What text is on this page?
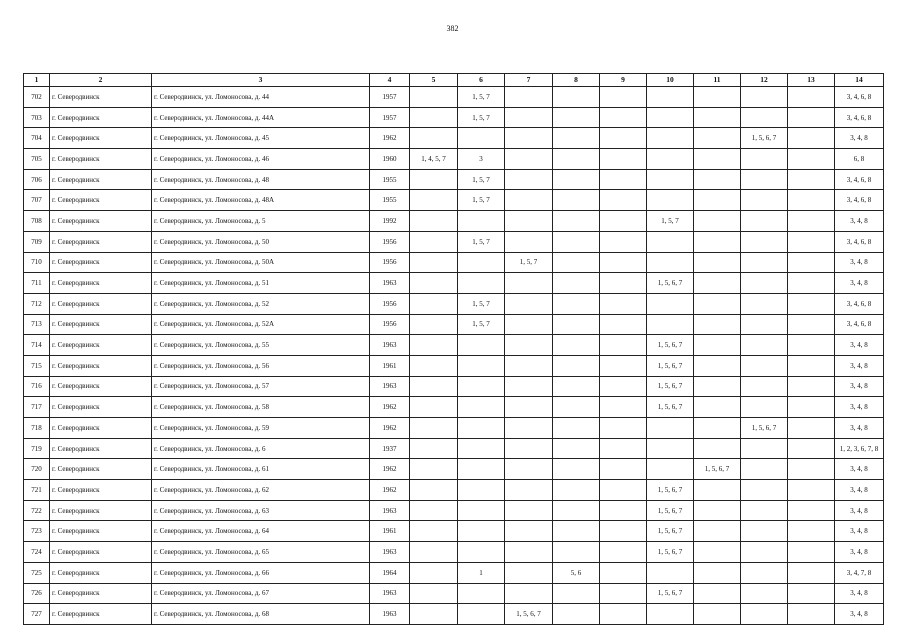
382
1	2	3	4	5	6	7	8	9	10	11	12	13	14
702	г. Северодвинск	г. Северодвинск, ул. Ломоносова, д. 44	1957		1, 5, 7								3, 4, 6, 8
703	г. Северодвинск	г. Северодвинск, ул. Ломоносова, д. 44А	1957		1, 5, 7								3, 4, 6, 8
704	г. Северодвинск	г. Северодвинск, ул. Ломоносова, д. 45	1962								1, 5, 6, 7		3, 4, 8
705	г. Северодвинск	г. Северодвинск, ул. Ломоносова, д. 46	1960	1, 4, 5, 7	3								6, 8
706	г. Северодвинск	г. Северодвинск, ул. Ломоносова, д. 48	1955		1, 5, 7								3, 4, 6, 8
707	г. Северодвинск	г. Северодвинск, ул. Ломоносова, д. 48А	1955		1, 5, 7								3, 4, 6, 8
708	г. Северодвинск	г. Северодвинск, ул. Ломоносова, д. 5	1992						1, 5, 7				3, 4, 8
709	г. Северодвинск	г. Северодвинск, ул. Ломоносова, д. 50	1956		1, 5, 7								3, 4, 6, 8
710	г. Северодвинск	г. Северодвинск, ул. Ломоносова, д. 50А	1956			1, 5, 7							3, 4, 8
711	г. Северодвинск	г. Северодвинск, ул. Ломоносова, д. 51	1963						1, 5, 6, 7				3, 4, 8
712	г. Северодвинск	г. Северодвинск, ул. Ломоносова, д. 52	1956		1, 5, 7								3, 4, 6, 8
713	г. Северодвинск	г. Северодвинск, ул. Ломоносова, д. 52А	1956		1, 5, 7								3, 4, 6, 8
714	г. Северодвинск	г. Северодвинск, ул. Ломоносова, д. 55	1963						1, 5, 6, 7				3, 4, 8
715	г. Северодвинск	г. Северодвинск, ул. Ломоносова, д. 56	1961						1, 5, 6, 7				3, 4, 8
716	г. Северодвинск	г. Северодвинск, ул. Ломоносова, д. 57	1963						1, 5, 6, 7				3, 4, 8
717	г. Северодвинск	г. Северодвинск, ул. Ломоносова, д. 58	1962						1, 5, 6, 7				3, 4, 8
718	г. Северодвинск	г. Северодвинск, ул. Ломоносова, д. 59	1962								1, 5, 6, 7		3, 4, 8
719	г. Северодвинск	г. Северодвинск, ул. Ломоносова, д. 6	1937										1, 2, 3, 6, 7, 8
720	г. Северодвинск	г. Северодвинск, ул. Ломоносова, д. 61	1962							1, 5, 6, 7			3, 4, 8
721	г. Северодвинск	г. Северодвинск, ул. Ломоносова, д. 62	1962						1, 5, 6, 7				3, 4, 8
722	г. Северодвинск	г. Северодвинск, ул. Ломоносова, д. 63	1963						1, 5, 6, 7				3, 4, 8
723	г. Северодвинск	г. Северодвинск, ул. Ломоносова, д. 64	1961						1, 5, 6, 7				3, 4, 8
724	г. Северодвинск	г. Северодвинск, ул. Ломоносова, д. 65	1963						1, 5, 6, 7				3, 4, 8
725	г. Северодвинск	г. Северодвинск, ул. Ломоносова, д. 66	1964		1		5, 6						3, 4, 7, 8
726	г. Северодвинск	г. Северодвинск, ул. Ломоносова, д. 67	1963						1, 5, 6, 7				3, 4, 8
727	г. Северодвинск	г. Северодвинск, ул. Ломоносова, д. 68	1963			1, 5, 6, 7							3, 4, 8
